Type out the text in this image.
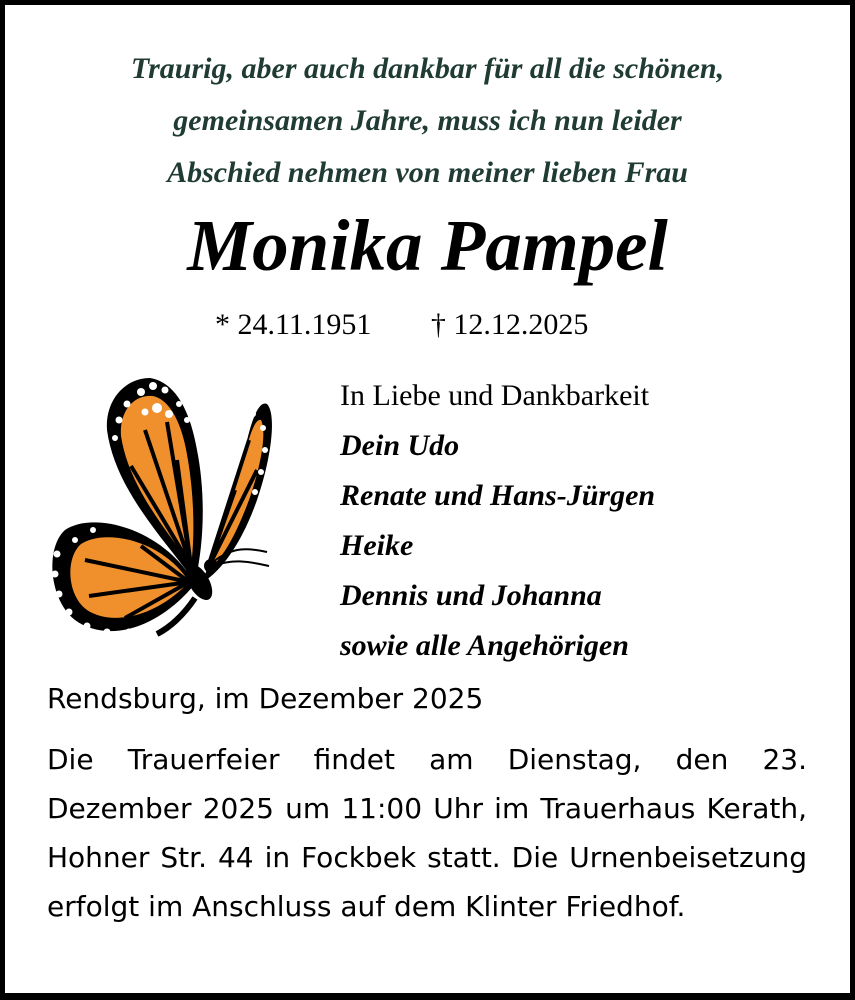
Traurig, aber auch dankbar für all die schönen,
gemeinsamen Jahre, muss ich nun leider
Abschied nehmen von meiner lieben Frau
Monika Pampel
* 24.11.1951 † 12.12.2025
In Liebe und Dankbarkeit
Dein Udo
Renate und Hans-Jürgen
Heike
Dennis und Johanna
sowie alle Angehörigen
Rendsburg, im Dezember 2025
Die Trauerfeier findet am Dienstag, den 23. Dezember 2025 um 11:00 Uhr im Trauerhaus Kerath, Hohner Str. 44 in Fockbek statt. Die Urnenbeisetzung erfolgt im Anschluss auf dem Klinter Friedhof.
